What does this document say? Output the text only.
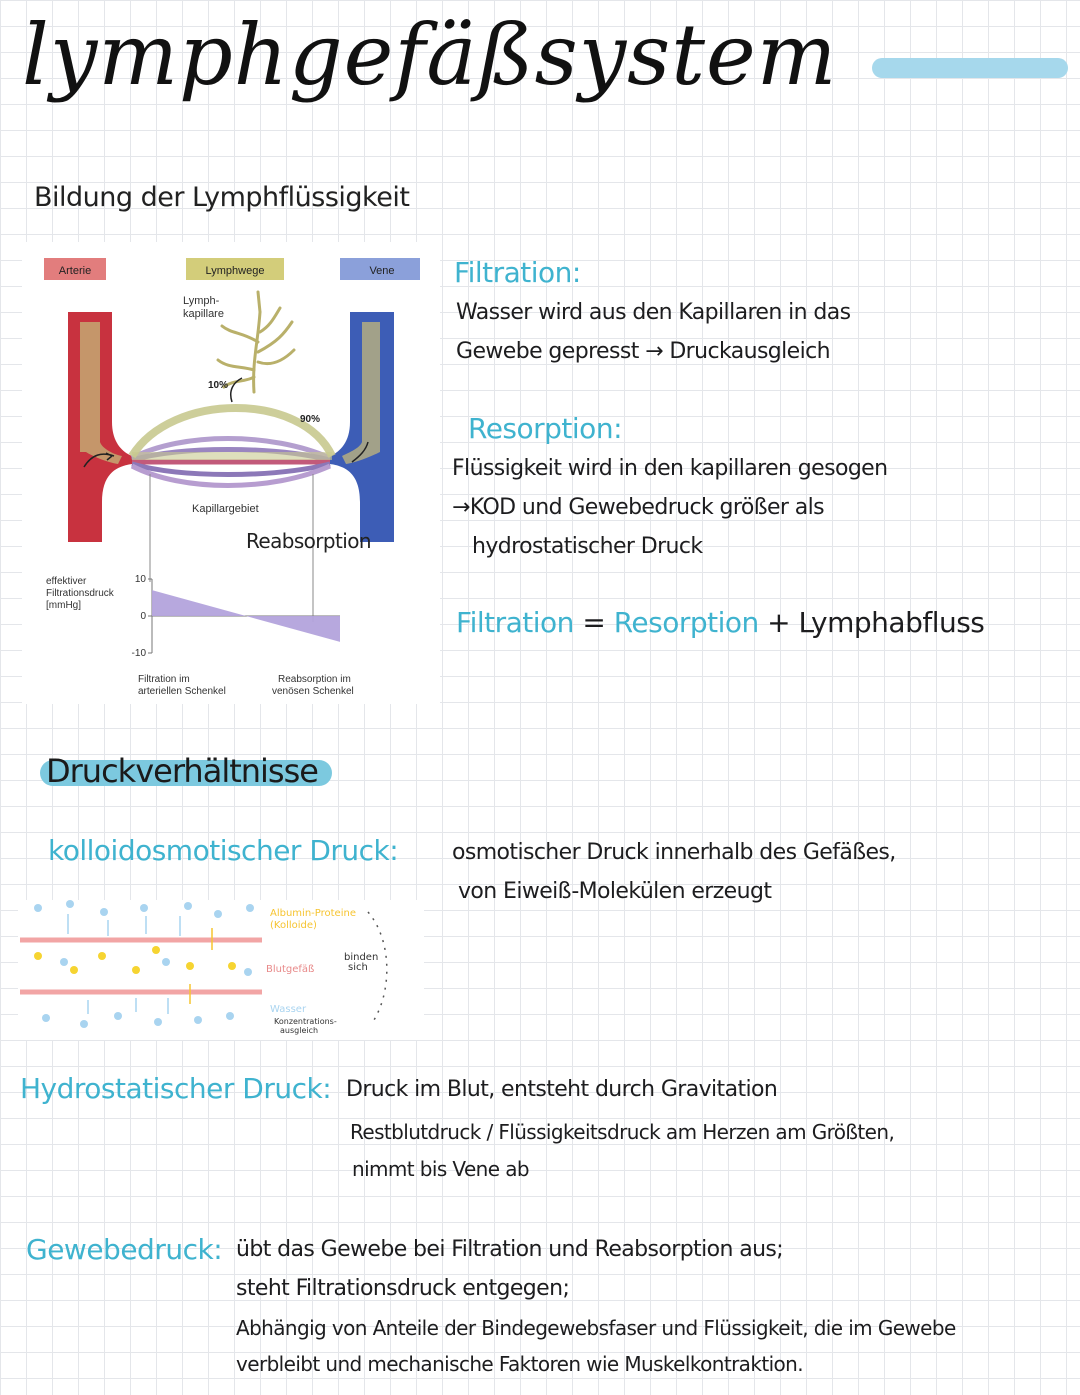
lymphgefäßsystem
Bildung der Lymphflüssigkeit
Arterie	Lymphwege	Vene
Lymph-
kapillare
10%
90%
Kapillargebiet
Reabsorption
effektiver
Filtrationsdruck
[mmHg]
10
0
-10
Filtration im
arteriellen Schenkel
Reabsorption im
venösen Schenkel
Filtration:
Wasser wird aus den Kapillaren in das
Gewebe gepresst → Druckausgleich
Resorption:
Flüssigkeit wird in den kapillaren gesogen
→KOD und Gewebedruck größer als
hydrostatischer Druck
Filtration = Resorption + Lymphabfluss
Druckverhältnisse
kolloidosmotischer Druck: osmotischer Druck innerhalb des Gefäßes,
von Eiweiß-Molekülen erzeugt
Albumin-Proteine
(Kolloide)
binden
sich
Blutgefäß
Wasser
Konzentrations-
ausgleich
Hydrostatischer Druck: Druck im Blut, entsteht durch Gravitation
Restblutdruck / Flüssigkeitsdruck am Herzen am Größten,
nimmt bis Vene ab
Gewebedruck: übt das Gewebe bei Filtration und Reabsorption aus;
steht Filtrationsdruck entgegen;
Abhängig von Anteile der Bindegewebsfaser und Flüssigkeit, die im Gewebe
verbleibt und mechanische Faktoren wie Muskelkontraktion.
